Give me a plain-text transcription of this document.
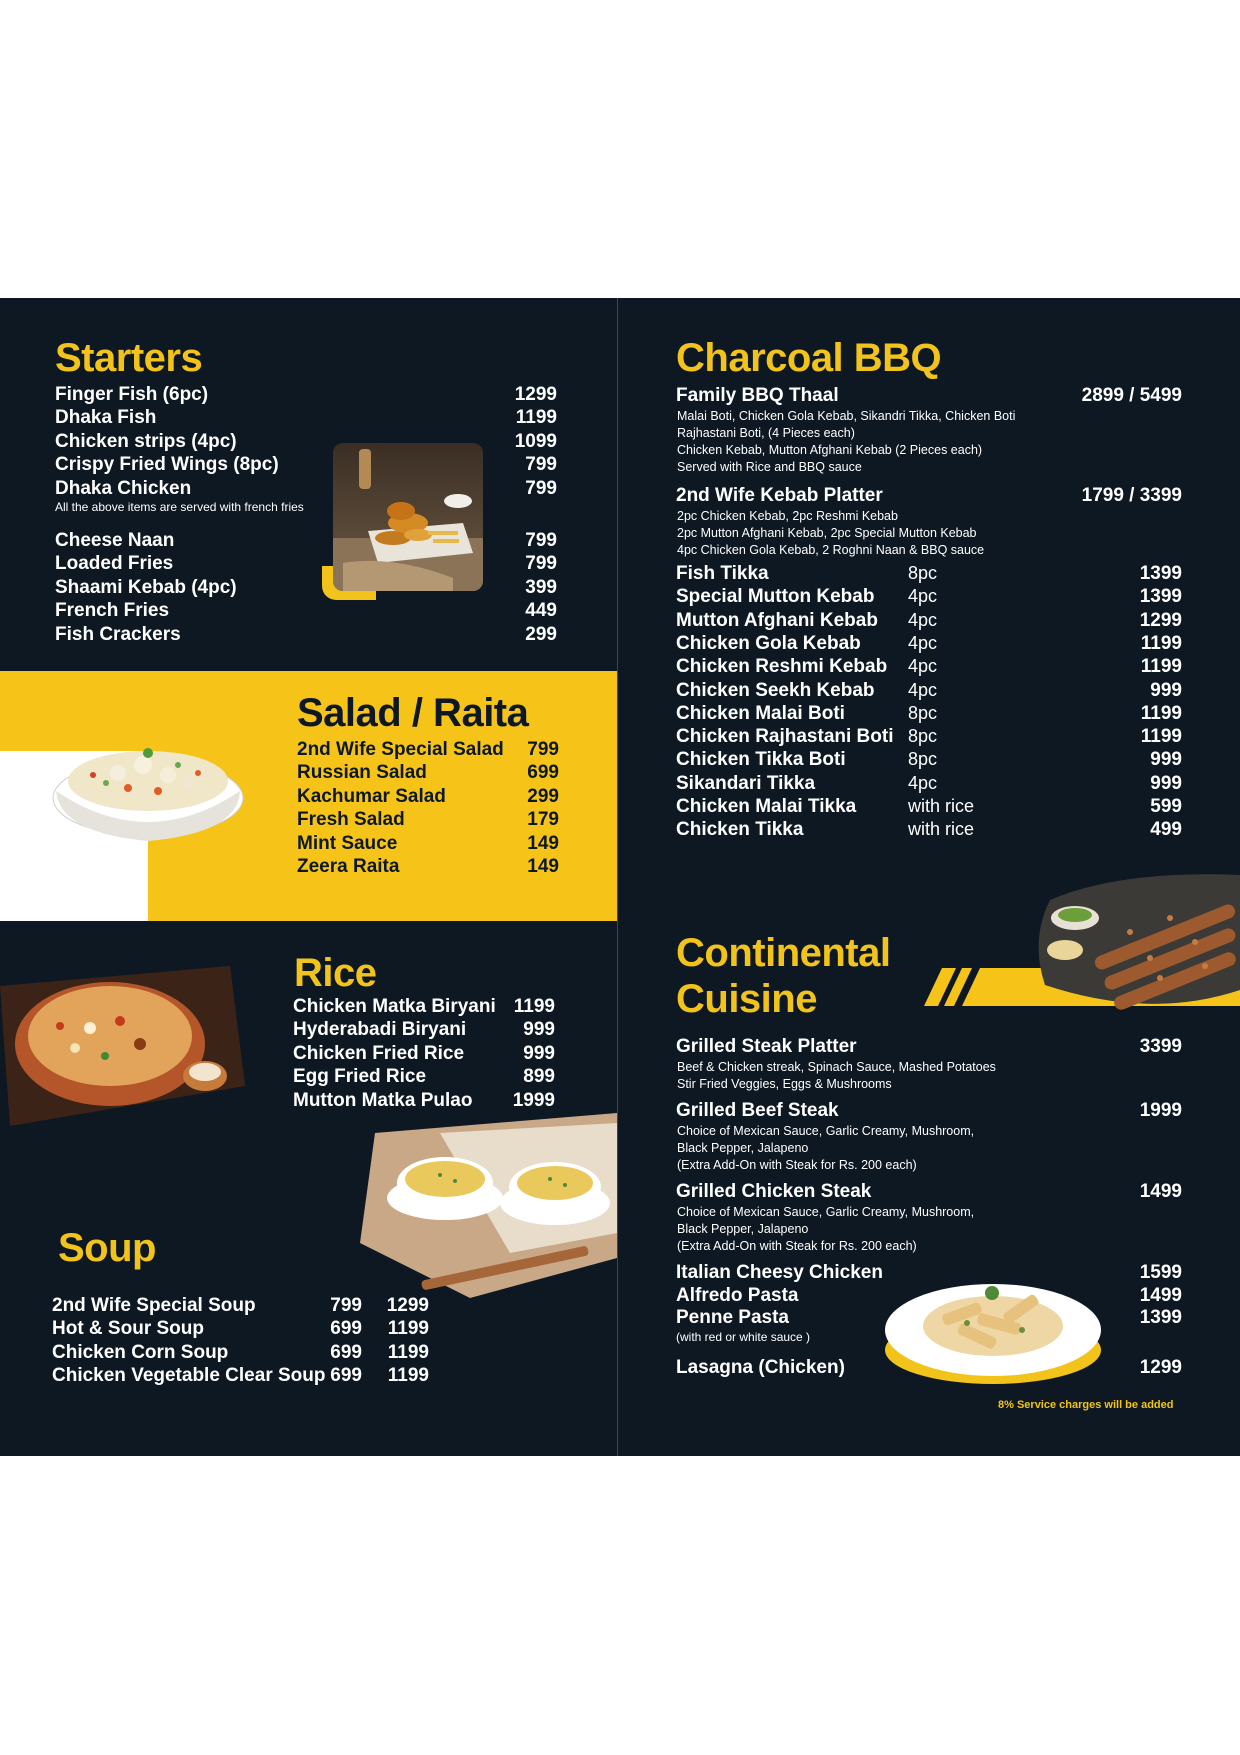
Starters
All the above items are served with french fries
Salad / Raita
Rice
Soup
Charcoal BBQ
Continental
Cuisine
(with red or white sauce )
Lasagna (Chicken)	1299
8% Service charges will be added
Finger Fish (6pc)	1299
Dhaka Fish	1199
Chicken strips (4pc)	1099
Crispy Fried Wings (8pc)	799
Dhaka Chicken	799
Cheese Naan	799
Loaded Fries	799
Shaami Kebab (4pc)	399
French Fries	449
Fish Crackers	299
2nd Wife Special Salad	799
Russian Salad	699
Kachumar Salad	299
Fresh Salad	179
Mint Sauce	149
Zeera Raita	149
Chicken Matka Biryani 1199
Hyderabadi Biryani	999
Chicken Fried Rice	999
Egg Fried Rice	899
Mutton Matka Pulao	1999
2nd Wife Special Soup	799	1299
Hot & Sour Soup	699	1199
Chicken Corn Soup	699	1199
Chicken Vegetable Clear Soup 699	1199
Family BBQ Thaal	2899 / 5499
Malai Boti, Chicken Gola Kebab, Sikandri Tikka, Chicken Boti
Rajhastani Boti, (4 Pieces each)
Chicken Kebab, Mutton Afghani Kebab (2 Pieces each)
Served with Rice and BBQ sauce
2nd Wife Kebab Platter	1799 / 3399
2pc Chicken Kebab, 2pc Reshmi Kebab
2pc Mutton Afghani Kebab, 2pc Special Mutton Kebab
4pc Chicken Gola Kebab, 2 Roghni Naan & BBQ sauce
Fish Tikka	8pc	1399
Special Mutton Kebab 4pc	1399
Mutton Afghani Kebab 4pc	1299
Chicken Gola Kebab	4pc	1199
Chicken Reshmi Kebab 4pc	1199
Chicken Seekh Kebab 4pc	999
Chicken Malai Boti	8pc	1199
Chicken Rajhastani Boti 8pc	1199
Chicken Tikka Boti	8pc	999
Sikandari Tikka	4pc	999
Chicken Malai Tikka	with rice	599
Chicken Tikka	with rice	499
Grilled Steak Platter	3399
Beef & Chicken streak, Spinach Sauce, Mashed Potatoes
Stir Fried Veggies, Eggs & Mushrooms
Grilled Beef Steak	1999
Choice of Mexican Sauce, Garlic Creamy, Mushroom,
Black Pepper, Jalapeno
(Extra Add-On with Steak for Rs. 200 each)
Grilled Chicken Steak	1499
Choice of Mexican Sauce, Garlic Creamy, Mushroom,
Black Pepper, Jalapeno
(Extra Add-On with Steak for Rs. 200 each)
Italian Cheesy Chicken	1599
Alfredo Pasta	1499
Penne Pasta	1399
